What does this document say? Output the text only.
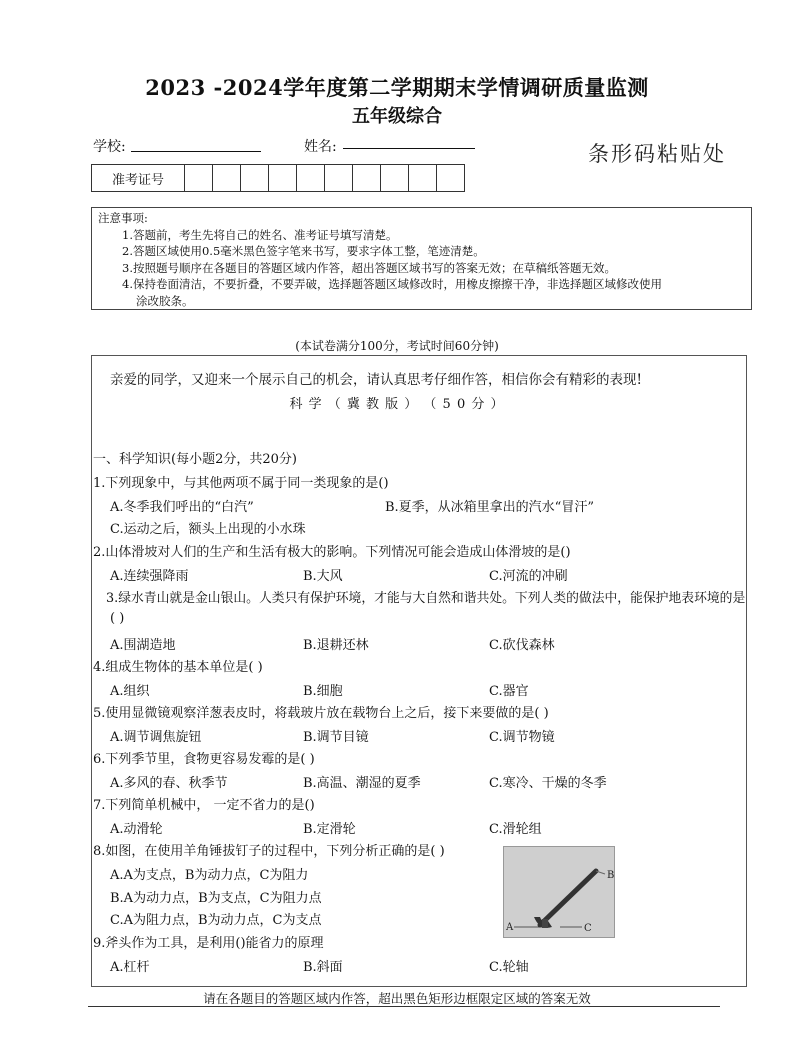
2023 -2024学年度第二学期期末学情调研质量监测
五年级综合
学校:	姓名:	条形码粘贴处
准考证号										
注意事项:
1.答题前，考生先将自己的姓名、准考证号填写清楚。
2.答题区域使用0.5毫米黑色签字笔来书写，要求字体工整，笔迹清楚。
3.按照题号顺序在各题目的答题区域内作答，超出答题区域书写的答案无效；在草稿纸答题无效。
4.保持卷面清洁，不要折叠，不要弄破，选择题答题区域修改时，用橡皮擦擦干净，非选择题区域修改使用
涂改胶条。
(本试卷满分100分，考试时间60分钟)
亲爱的同学，又迎来一个展示自己的机会，请认真思考仔细作答，相信你会有精彩的表现!
科 学 （ 冀 教 版 ） （ 5 0 分 ）
一、科学知识(每小题2分，共20分)
1.下列现象中，与其他两项不属于同一类现象的是()
A.冬季我们呼出的“白汽”	B.夏季，从冰箱里拿出的汽水“冒汗”
C.运动之后，额头上出现的小水珠
2.山体滑坡对人们的生产和生活有极大的影响。下列情况可能会造成山体滑坡的是()
A.连续强降雨	B.大风	C.河流的冲刷
3.绿水青山就是金山银山。人类只有保护环境，才能与大自然和谐共处。下列人类的做法中，能保护地表环境的是
( )
A.围湖造地	B.退耕还林	C.砍伐森林
4.组成生物体的基本单位是( )
A.组织	B.细胞	C.器官
5.使用显微镜观察洋葱表皮时，将载玻片放在载物台上之后，接下来要做的是( )
A.调节调焦旋钮	B.调节目镜	C.调节物镜
6.下列季节里，食物更容易发霉的是( )
A.多风的春、秋季节	B.高温、潮湿的夏季	C.寒冷、干燥的冬季
7.下列简单机械中， 一定不省力的是()
A.动滑轮	B.定滑轮	C.滑轮组
8.如图，在使用羊角锤拔钉子的过程中，下列分析正确的是( )
A.A为支点，B为动力点，C为阻力
B.A为动力点，B为支点，C为阻力点
C.A为阻力点，B为动力点，C为支点
B
A	C
9.斧头作为工具，是利用()能省力的原理
A.杠杆	B.斜面	C.轮轴
请在各题目的答题区域内作答，超出黑色矩形边框限定区域的答案无效
